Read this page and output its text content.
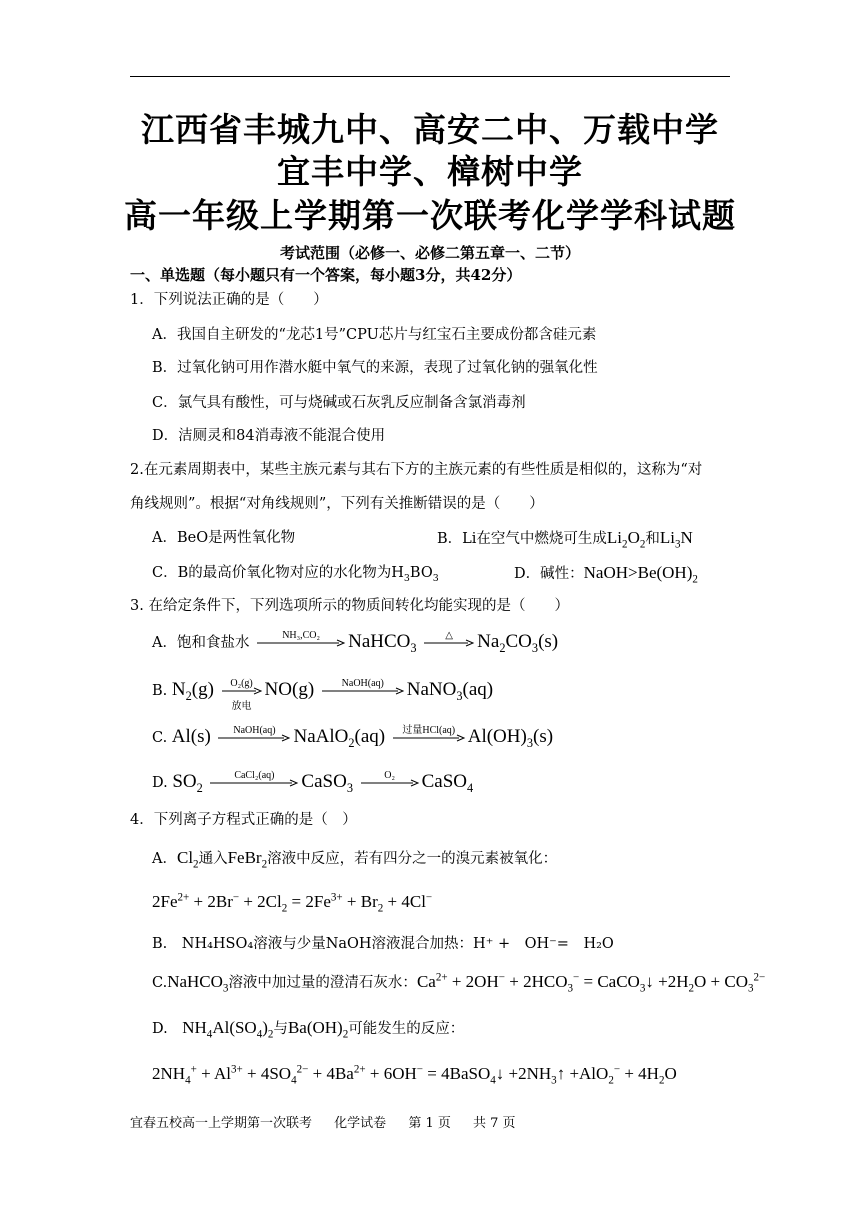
江西省丰城九中、高安二中、万载中学
宜丰中学、樟树中学
高一年级上学期第一次联考化学学科试题
考试范围（必修一、必修二第五章一、二节）
一、单选题（每小题只有一个答案，每小题3分，共42分）
1．下列说法正确的是（　　）
A．我国自主研发的“龙芯1号”CPU芯片与红宝石主要成份都含硅元素
B．过氧化钠可用作潜水艇中氧气的来源，表现了过氧化钠的强氧化性
C．氯气具有酸性，可与烧碱或石灰乳反应制备含氯消毒剂
D．洁厕灵和84消毒液不能混合使用
2.在元素周期表中，某些主族元素与其右下方的主族元素的有些性质是相似的，这称为“对
角线规则”。根据“对角线规则”，下列有关推断错误的是（　　）
A．BeO是两性氧化物	B．Li在空气中燃烧可生成$Li_2O_2$和$Li_3N$
C．B的最高价氧化物对应的水化物为$H_3BO_3$	D．碱性：$NaOH>Be(OH)_2$
3. 在给定条件下，下列选项所示的物质间转化均能实现的是（　　）
A．饱和食盐水	NH₃,CO₂	NaHCO$_3$
△	$Na_2CO_3(s)$
B. $N_2(g)$	O₂(g)
放电
NO(g)	NaOH(aq)	NaNO$_3$(aq)
C. Al(s)	NaOH(aq) NaAlO$_2$(aq)	过量HCl(aq) $Al(OH)_3(s)$
D. $SO_2$
CaCl₂(aq)	CaSO$_3$
O₂	CaSO$_4$
4．下列离子方程式正确的是（　）
A．$Cl_2$通入FeBr$_2$溶液中反应，若有四分之一的溴元素被氧化：
$2Fe^{2+} + 2Br^- + 2Cl_2 = 2Fe^{3+} + Br_2 + 4Cl^-$
B.　NH₄HSO₄溶液与少量NaOH溶液混合加热：H⁺ +　OH⁻=　H₂O
C.NaHCO$_3$溶液中加过量的澄清石灰水：$Ca^{2+} + 2OH^- + 2HCO_3^-$ = CaCO$_3$↓ $+2H_2O + CO_3^{2-}$
D.　$NH_4Al(SO_4)_2$与$Ba(OH)_2$可能发生的反应：
$2NH_4^+ + Al^{3+} + 4SO_4^{2-} + 4Ba^{2+} + 6OH^-$ = 4BaSO$_4$↓ $+2NH_3↑ +AlO_2^- + 4H_2O$
宜春五校高一上学期第一次联考 化学试卷 第 1 页 共 7 页
